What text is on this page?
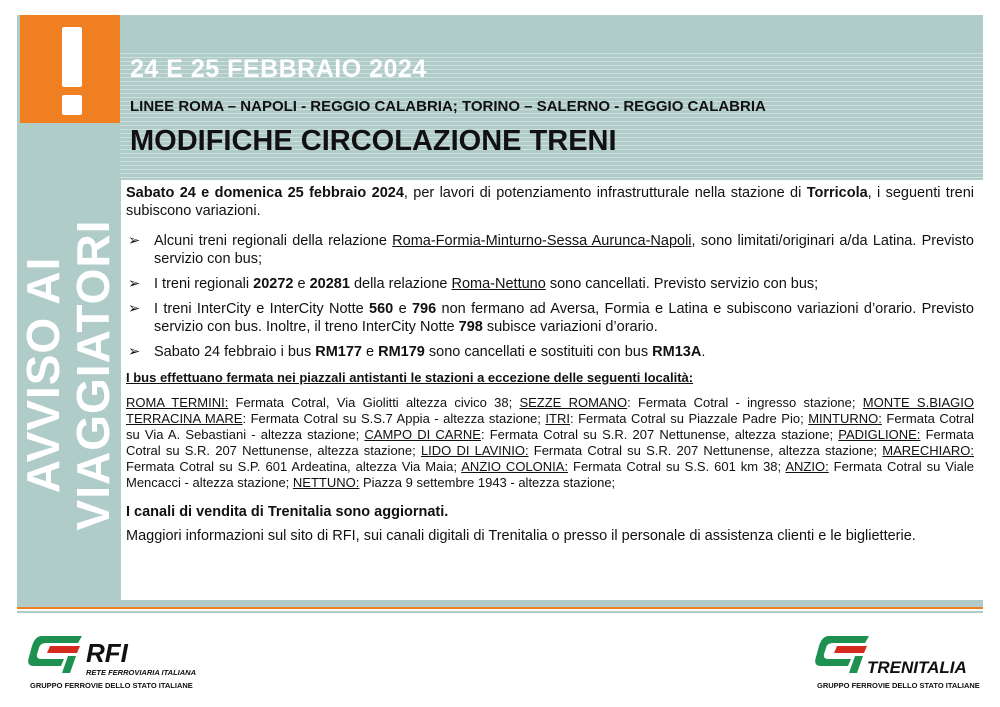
24 E 25 FEBBRAIO 2024
LINEE ROMA – NAPOLI - REGGIO CALABRIA; TORINO – SALERNO - REGGIO CALABRIA
MODIFICHE CIRCOLAZIONE TRENI
AVVISO AI
VIAGGIATORI

Sabato 24 e domenica 25 febbraio 2024, per lavori di potenziamento infrastrutturale nella stazione di Torricola, i seguenti treni subiscono variazioni.

➢ Alcuni treni regionali della relazione Roma-Formia-Minturno-Sessa Aurunca-Napoli, sono limitati/originari a/da Latina. Previsto servizio con bus;
➢ I treni regionali 20272 e 20281 della relazione Roma-Nettuno sono cancellati. Previsto servizio con bus;
➢ I treni InterCity e InterCity Notte 560 e 796 non fermano ad Aversa, Formia e Latina e subiscono variazioni d’orario. Previsto servizio con bus. Inoltre, il treno InterCity Notte 798 subisce variazioni d’orario.
➢ Sabato 24 febbraio i bus RM177 e RM179 sono cancellati e sostituiti con bus RM13A.

I bus effettuano fermata nei piazzali antistanti le stazioni a eccezione delle seguenti località:

ROMA TERMINI: Fermata Cotral, Via Giolitti altezza civico 38; SEZZE ROMANO: Fermata Cotral - ingresso stazione; MONTE S.BIAGIO TERRACINA MARE: Fermata Cotral su S.S.7 Appia - altezza stazione; ITRI: Fermata Cotral su Piazzale Padre Pio; MINTURNO: Fermata Cotral su Via A. Sebastiani - altezza stazione; CAMPO DI CARNE: Fermata Cotral su S.R. 207 Nettunense, altezza stazione; PADIGLIONE: Fermata Cotral su S.R. 207 Nettunense, altezza stazione; LIDO DI LAVINIO: Fermata Cotral su S.R. 207 Nettunense, altezza stazione; MARECHIARO: Fermata Cotral su S.P. 601 Ardeatina, altezza Via Maia; ANZIO COLONIA: Fermata Cotral su S.S. 601 km 38; ANZIO: Fermata Cotral su Viale Mencacci - altezza stazione; NETTUNO: Piazza 9 settembre 1943 - altezza stazione;

I canali di vendita di Trenitalia sono aggiornati.

Maggiori informazioni sul sito di RFI, sui canali digitali di Trenitalia o presso il personale di assistenza clienti e le biglietterie.

RFI
RETE FERROVIARIA ITALIANA
GRUPPO FERROVIE DELLO STATO ITALIANE
TRENITALIA
GRUPPO FERROVIE DELLO STATO ITALIANE
